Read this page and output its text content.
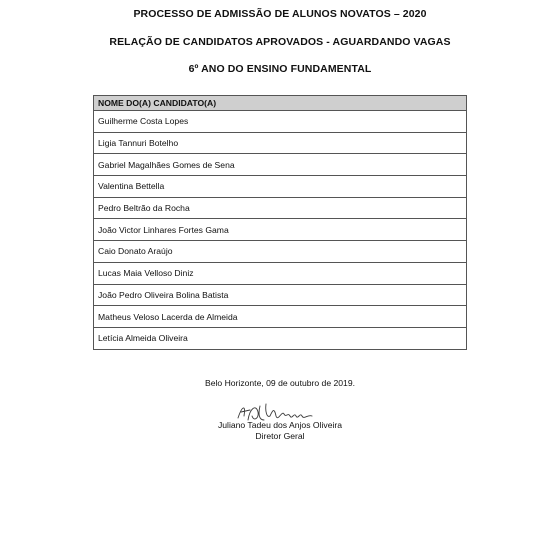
PROCESSO DE ADMISSÃO DE ALUNOS NOVATOS – 2020
RELAÇÃO DE CANDIDATOS APROVADOS - AGUARDANDO VAGAS
6º ANO DO ENSINO FUNDAMENTAL
NOME DO(A) CANDIDATO(A)
Guilherme Costa Lopes
Ligia Tannuri Botelho
Gabriel Magalhães Gomes de Sena
Valentina Bettella
Pedro Beltrão da Rocha
João Victor Linhares Fortes Gama
Caio Donato Araújo
Lucas Maia Velloso Diniz
João Pedro Oliveira Bolina Batista
Matheus Veloso Lacerda de Almeida
Letícia Almeida Oliveira
Belo Horizonte, 09 de outubro de 2019.
Juliano Tadeu dos Anjos Oliveira
Diretor Geral
